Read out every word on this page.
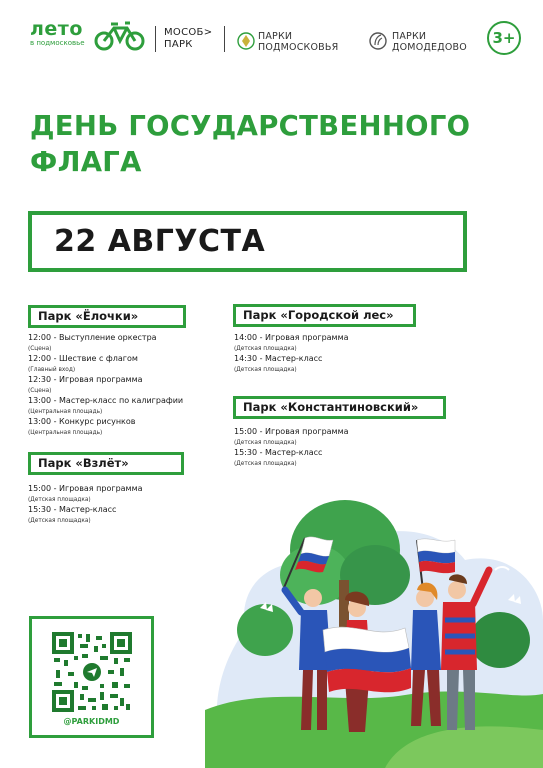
лето
в подмосковье
МОСОБ>
ПАРК
ПАРКИ
ПОДМОСКОВЬЯ
ПАРКИ
ДОМОДЕДОВО
3+
ДЕНЬ ГОСУДАРСТВЕННОГО
ФЛАГА
22 АВГУСТА
Парк «Ёлочки»
12:00 - Выступление оркестра
(Сцена)
12:00 - Шествие с флагом
(Главный вход)
12:30 - Игровая программа
(Сцена)
13:00 - Мастер-класс по калиграфии
(Центральная площадь)
13:00 - Конкурс рисунков
(Центральная площадь)
Парк «Взлёт»
15:00 - Игровая программа
(Детская площадка)
15:30 - Мастер-класс
(Детская площадка)
Парк «Городской лес»
14:00 - Игровая программа
(Детская площадка)
14:30 - Мастер-класс
(Детская площадка)
Парк «Константиновский»
15:00 - Игровая программа
(Детская площадка)
15:30 - Мастер-класс
(Детская площадка)
@PARKIDMD
